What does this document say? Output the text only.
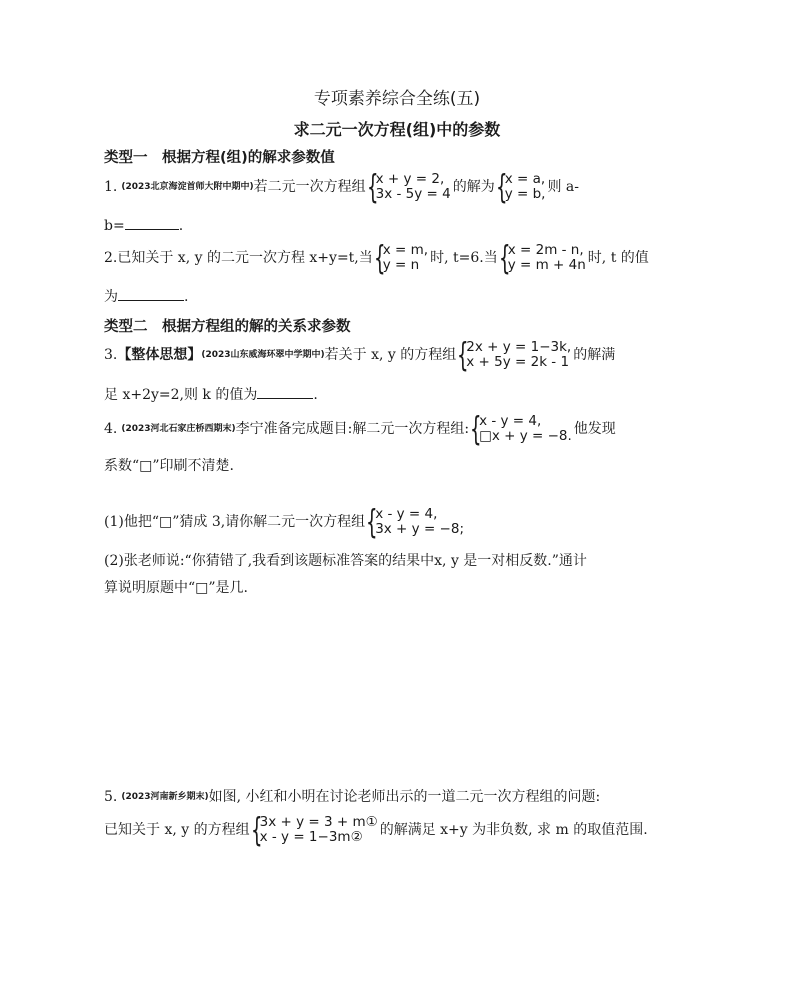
专项素养综合全练(五)
求二元一次方程(组)中的参数
类型一　根据方程(组)的解求参数值
1. (2023北京海淀首师大附中期中) 若二元一次方程组 {
x + y = 2,
3x - 5y = 4 的解为 {
x = a,
y = b, 则 a-
b=	.
2. 已知关于 x, y 的二元一次方程 x+y=t,当 {
x = m,
y = n 时, t=6.当 {
x = 2m - n,
y = m + 4n 时, t 的值
为	.
类型二　根据方程组的解的关系求参数
3. 【整体思想】 (2023山东威海环翠中学期中) 若关于 x, y 的方程组 {
2x + y = 1−3k,
x + 5y = 2k - 1 的解满
足 x+2y=2,则 k 的值为	.
4. (2023河北石家庄桥西期末) 李宁准备完成题目:解二元一次方程组: {
x - y = 4,
□x + y = −8. 他发现
系数“□”印刷不清楚.
(1)他把“□”猜成 3,请你解二元一次方程组 {
x - y = 4,
3x + y = −8;
(2)张老师说:“你猜错了,我看到该题标准答案的结果中x, y 是一对相反数.”通计
算说明原题中“□”是几.
5. (2023河南新乡期末) 如图, 小红和小明在讨论老师出示的一道二元一次方程组的问题:
已知关于 x, y 的方程组 {
3x + y = 3 + m①
x - y = 1−3m②	的解满足 x+y 为非负数, 求 m 的取值范围.
